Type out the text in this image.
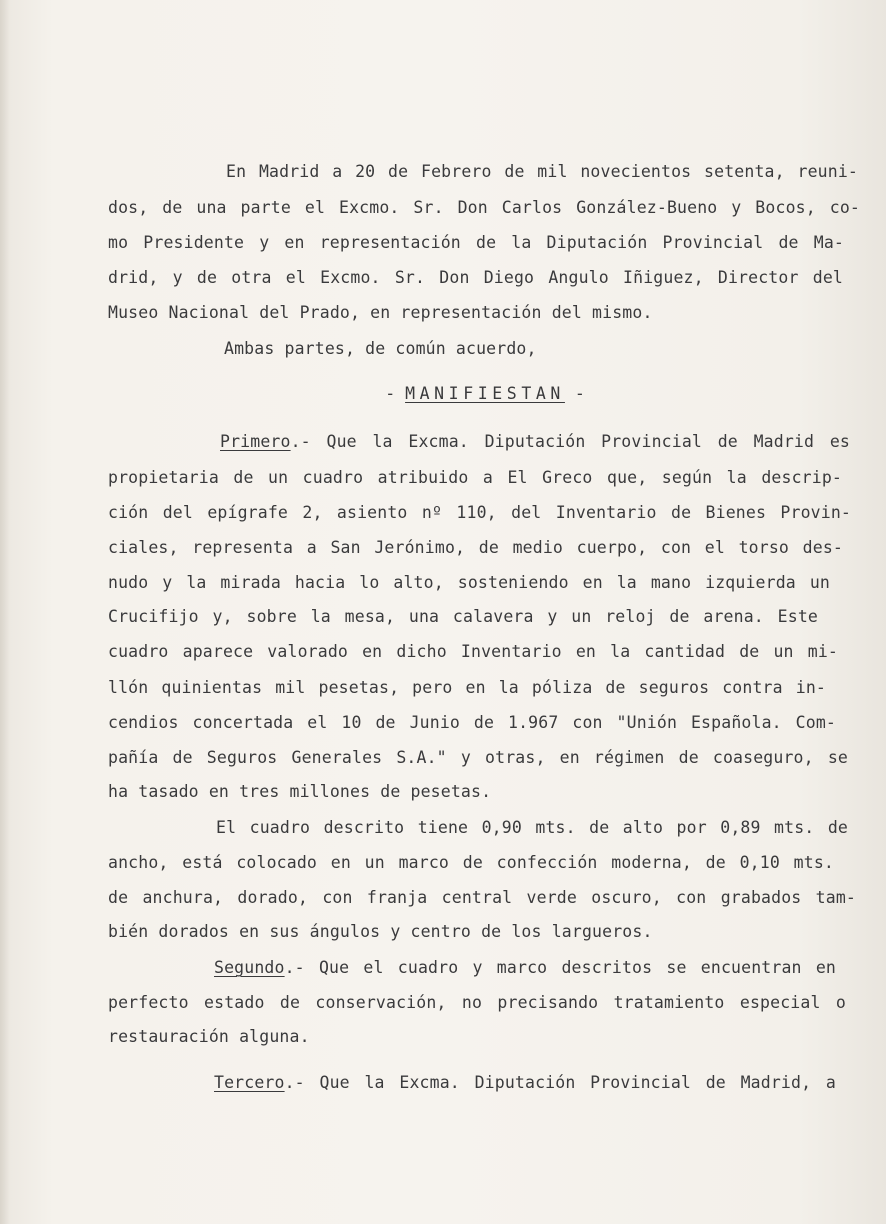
En Madrid a 20 de Febrero de mil novecientos setenta, reuni-
dos, de una parte el Excmo. Sr. Don Carlos González-Bueno y Bocos, co-
mo Presidente y en representación de la Diputación Provincial de Ma-
drid, y de otra el Excmo. Sr. Don Diego Angulo Iñiguez, Director del
Museo Nacional del Prado, en representación del mismo.
Ambas partes, de común acuerdo,
- MANIFIESTAN -
Primero.- Que la Excma. Diputación Provincial de Madrid es
propietaria de un cuadro atribuido a El Greco que, según la descrip-
ción del epígrafe 2, asiento nº 110, del Inventario de Bienes Provin-
ciales, representa a San Jerónimo, de medio cuerpo, con el torso des-
nudo y la mirada hacia lo alto, sosteniendo en la mano izquierda un
Crucifijo y, sobre la mesa, una calavera y un reloj de arena. Este
cuadro aparece valorado en dicho Inventario en la cantidad de un mi-
llón quinientas mil pesetas, pero en la póliza de seguros contra in-
cendios concertada el 10 de Junio de 1.967 con "Unión Española. Com-
pañía de Seguros Generales S.A." y otras, en régimen de coaseguro, se
ha tasado en tres millones de pesetas.
El cuadro descrito tiene 0,90 mts. de alto por 0,89 mts. de
ancho, está colocado en un marco de confección moderna, de 0,10 mts.
de anchura, dorado, con franja central verde oscuro, con grabados tam-
bién dorados en sus ángulos y centro de los largueros.
Segundo.- Que el cuadro y marco descritos se encuentran en
perfecto estado de conservación, no precisando tratamiento especial o
restauración alguna.
Tercero.- Que la Excma. Diputación Provincial de Madrid, a
